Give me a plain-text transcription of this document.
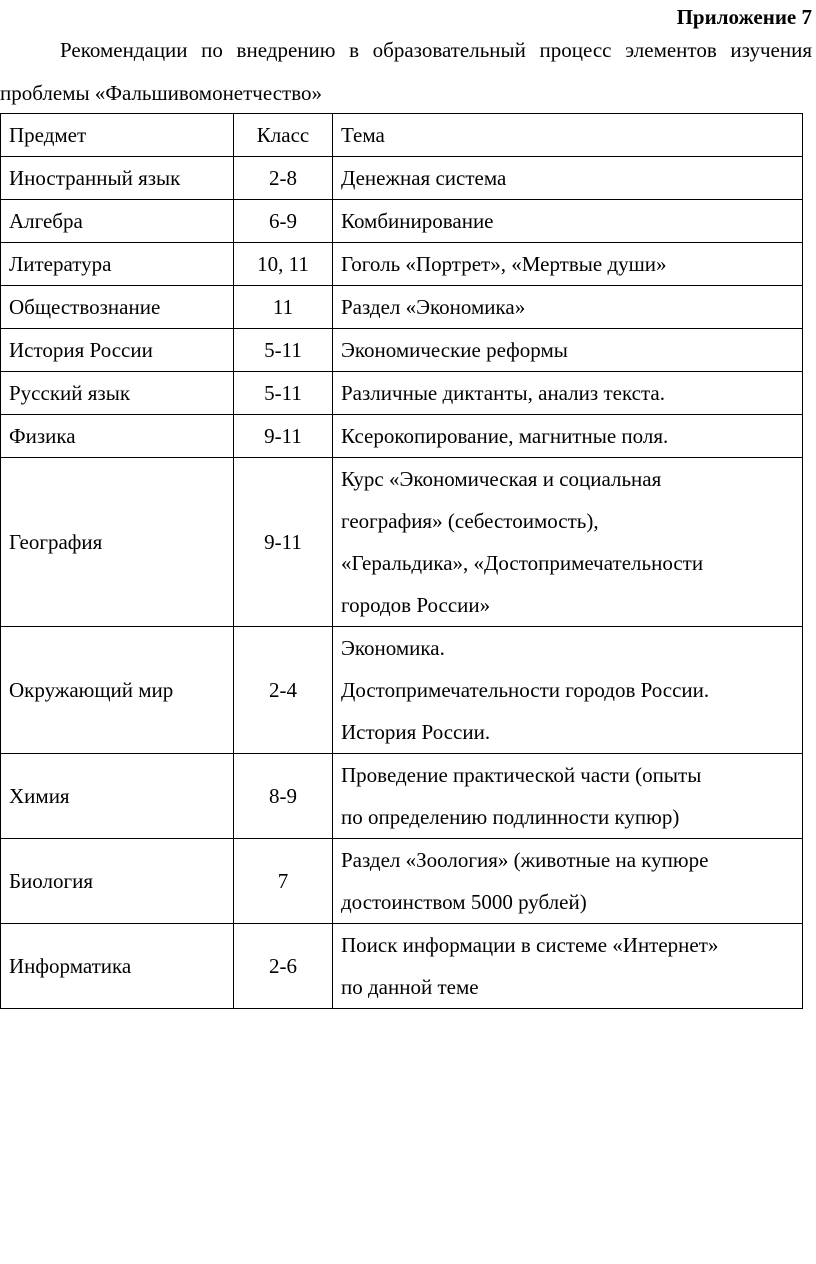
Приложение 7
Рекомендации по внедрению в образовательный процесс элементов изучения проблемы «Фальшивомонетчество»
Предмет	Класс	Тема
Иностранный язык	2-8	Денежная система

Алгебра	6-9	Комбинирование

Литература	10, 11	Гоголь «Портрет», «Мертвые души»

Обществознание	11	Раздел «Экономика»

История России	5-11	Экономические реформы

Русский язык	5-11	Различные диктанты, анализ текста.

Физика	9-11	Ксерокопирование, магнитные поля.

География	9-11	Курс «Экономическая и социальная
география» (себестоимость),
«Геральдика», «Достопримечательности
городов России»

Окружающий мир	2-4	Экономика.
Достопримечательности городов России.
История России.

Химия	8-9	Проведение практической части (опыты
по определению подлинности купюр)

Биология	7	Раздел «Зоология» (животные на купюре
достоинством 5000 рублей)

Информатика	2-6	Поиск информации в системе «Интернет»
по данной теме
